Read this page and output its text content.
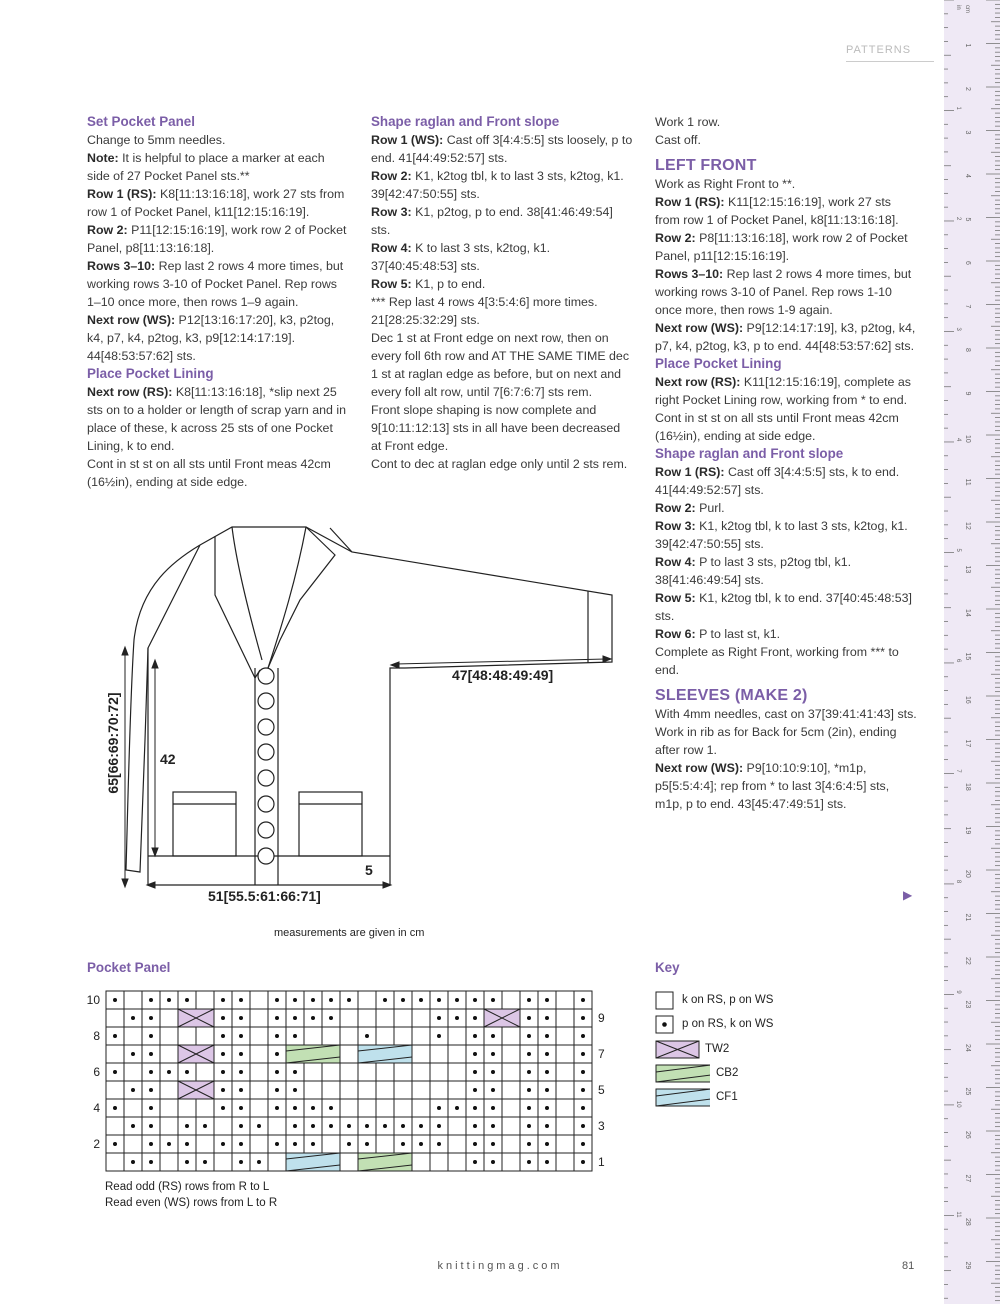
PATTERNS

Set Pocket Panel

Change to 5mm needles.

Note: It is helpful to place a marker at each side of 27 Pocket Panel sts.**

Row 1 (RS): K8[11:13:16:18], work 27 sts from row 1 of Pocket Panel, k11[12:15:16:19].

Row 2: P11[12:15:16:19], work row 2 of Pocket Panel, p8[11:13:16:18].

Rows 3–10: Rep last 2 rows 4 more times, but working rows 3-10 of Pocket Panel. Rep rows 1–10 once more, then rows 1–9 again.

Next row (WS): P12[13:16:17:20], k3, p2tog, k4, p7, k4, p2tog, k3, p9[12:14:17:19]. 44[48:53:57:62] sts.

Place Pocket Lining

Next row (RS): K8[11:13:16:18], *slip next 25 sts on to a holder or length of scrap yarn and in place of these, k across 25 sts of one Pocket Lining, k to end.

Cont in st st on all sts until Front meas 42cm (16½in), ending at side edge.

Shape raglan and Front slope

Row 1 (WS): Cast off 3[4:4:5:5] sts loosely, p to end. 41[44:49:52:57] sts.

Row 2: K1, k2tog tbl, k to last 3 sts, k2tog, k1. 39[42:47:50:55] sts.

Row 3: K1, p2tog, p to end. 38[41:46:49:54] sts.

Row 4: K to last 3 sts, k2tog, k1. 37[40:45:48:53] sts.

Row 5: K1, p to end.

*** Rep last 4 rows 4[3:5:4:6] more times. 21[28:25:32:29] sts.

Dec 1 st at Front edge on next row, then on every foll 6th row and AT THE SAME TIME dec 1 st at raglan edge as before, but on next and every foll alt row, until 7[6:7:6:7] sts rem.

Front slope shaping is now complete and 9[10:11:12:13] sts in all have been decreased at Front edge.

Cont to dec at raglan edge only until 2 sts rem.

Work 1 row.

Cast off.

LEFT FRONT

Work as Right Front to **.

Row 1 (RS): K11[12:15:16:19], work 27 sts from row 1 of Pocket Panel, k8[11:13:16:18].

Row 2: P8[11:13:16:18], work row 2 of Pocket Panel, p11[12:15:16:19].

Rows 3–10: Rep last 2 rows 4 more times, but working rows 3-10 of Panel. Rep rows 1-10 once more, then rows 1-9 again.

Next row (WS): P9[12:14:17:19], k3, p2tog, k4, p7, k4, p2tog, k3, p to end. 44[48:53:57:62] sts.

Place Pocket Lining

Next row (RS): K11[12:15:16:19], complete as right Pocket Lining row, working from * to end.

Cont in st st on all sts until Front meas 42cm (16½in), ending at side edge.

Shape raglan and Front slope

Row 1 (RS): Cast off 3[4:4:5:5] sts, k to end. 41[44:49:52:57] sts.

Row 2: Purl.

Row 3: K1, k2tog tbl, k to last 3 sts, k2tog, k1. 39[42:47:50:55] sts.

Row 4: P to last 3 sts, p2tog tbl, k1. 38[41:46:49:54] sts.

Row 5: K1, k2tog tbl, k to end. 37[40:45:48:53] sts.

Row 6: P to last st, k1.

Complete as Right Front, working from *** to end.

SLEEVES (MAKE 2)

With 4mm needles, cast on 37[39:41:41:43] sts.

Work in rib as for Back for 5cm (2in), ending after row 1.

Next row (WS): P9[10:10:9:10], *m1p, p5[5:5:4:4]; rep from * to last 3[4:6:4:5] sts, m1p, p to end. 43[45:47:49:51] sts.

▶
47[48:48:49:49]
65[66:69:70:72]	42
5
51[55.5:61:66:71]
measurements are given in cm
Pocket Panel
10
8
6
4
2
9
7
5
3
1
Read odd (RS) rows from R to L
Read even (WS) rows from L to R
Key
k on RS, p on WS
p on RS, k on WS
TW2
CB2
CF1
knittingmag.com	81
1
2
3
4
5
6
7
8
9
10
11
12
13
14
15
16
17
18
19
20
21
22
23
24
25
26
27
28
29
1
2
3
4
5
6
7
8
9
10
11
in cm
